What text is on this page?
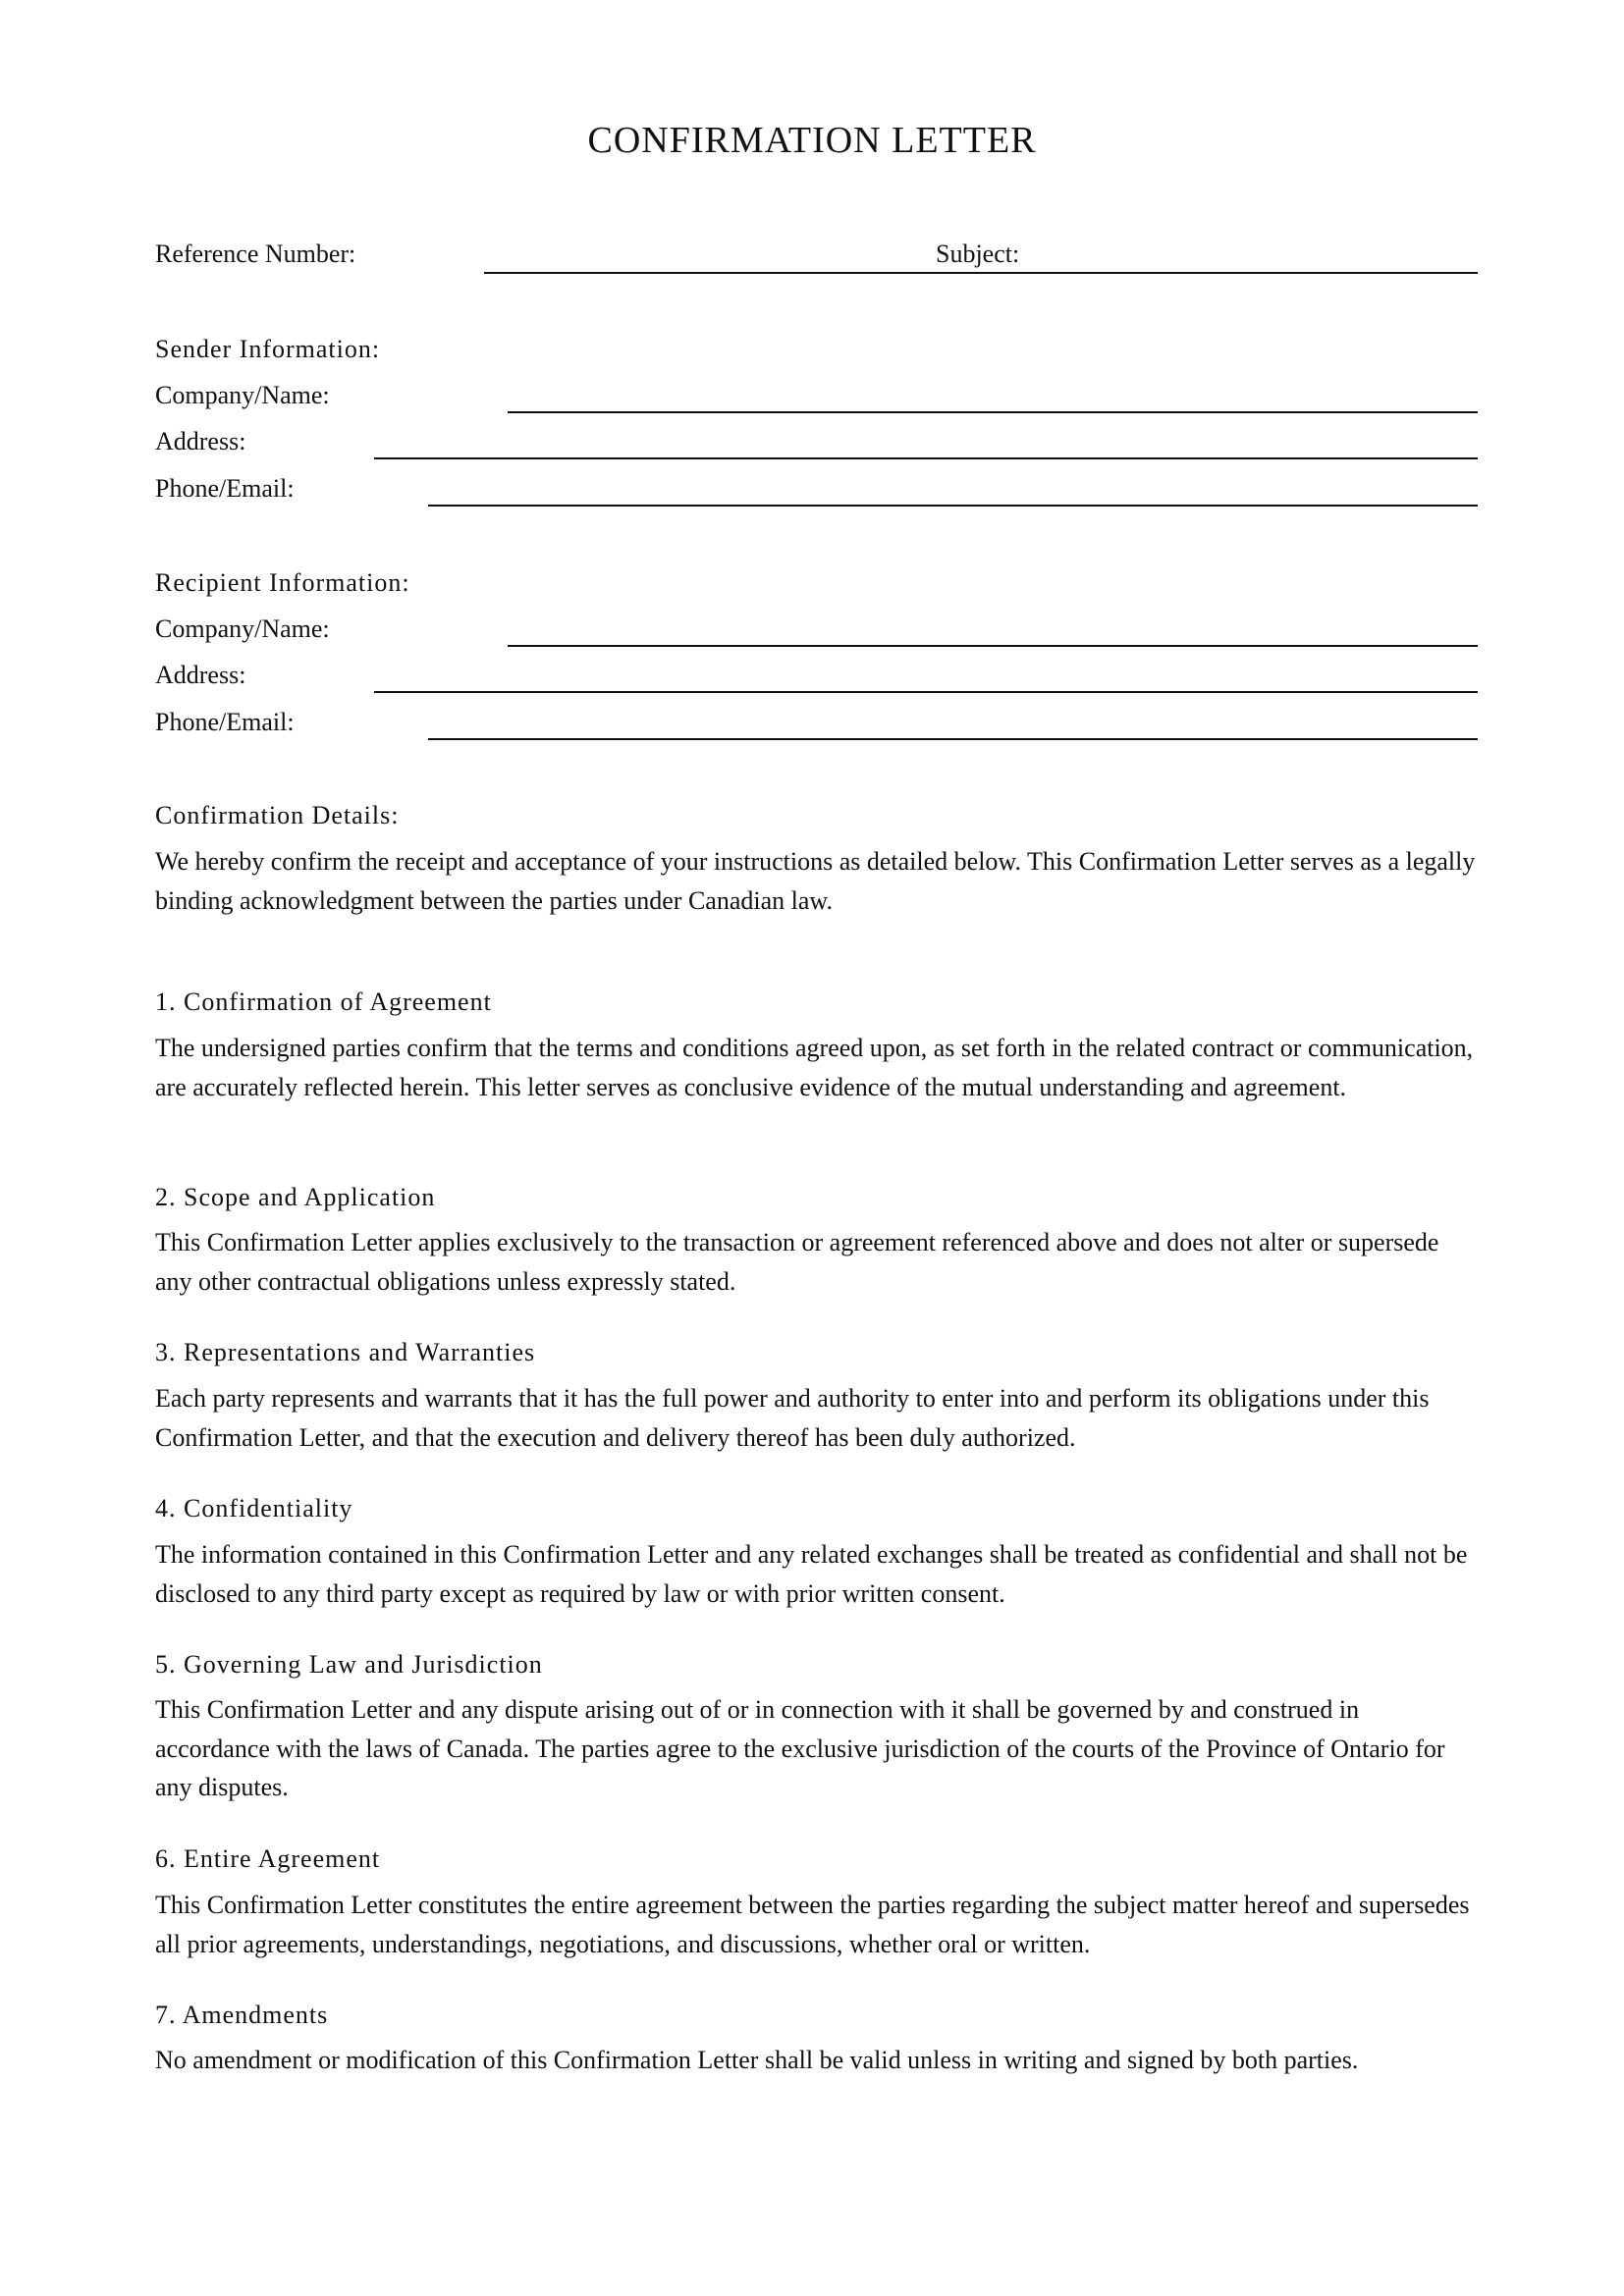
CONFIRMATION LETTER
Reference Number:	Subject:
Sender Information:
Company/Name:
Address:
Phone/Email:
Recipient Information:
Company/Name:
Address:
Phone/Email:
Confirmation Details:
We hereby confirm the receipt and acceptance of your instructions as detailed below. This Confirmation Letter serves as a legally binding acknowledgment between the parties under Canadian law.
1. Confirmation of Agreement
The undersigned parties confirm that the terms and conditions agreed upon, as set forth in the related contract or communication, are accurately reflected herein. This letter serves as conclusive evidence of the mutual understanding and agreement.
2. Scope and Application
This Confirmation Letter applies exclusively to the transaction or agreement referenced above and does not alter or supersede any other contractual obligations unless expressly stated.
3. Representations and Warranties
Each party represents and warrants that it has the full power and authority to enter into and perform its obligations under this Confirmation Letter, and that the execution and delivery thereof has been duly authorized.
4. Confidentiality
The information contained in this Confirmation Letter and any related exchanges shall be treated as confidential and shall not be disclosed to any third party except as required by law or with prior written consent.
5. Governing Law and Jurisdiction
This Confirmation Letter and any dispute arising out of or in connection with it shall be governed by and construed in accordance with the laws of Canada. The parties agree to the exclusive jurisdiction of the courts of the Province of Ontario for any disputes.
6. Entire Agreement
This Confirmation Letter constitutes the entire agreement between the parties regarding the subject matter hereof and supersedes all prior agreements, understandings, negotiations, and discussions, whether oral or written.
7. Amendments
No amendment or modification of this Confirmation Letter shall be valid unless in writing and signed by both parties.
